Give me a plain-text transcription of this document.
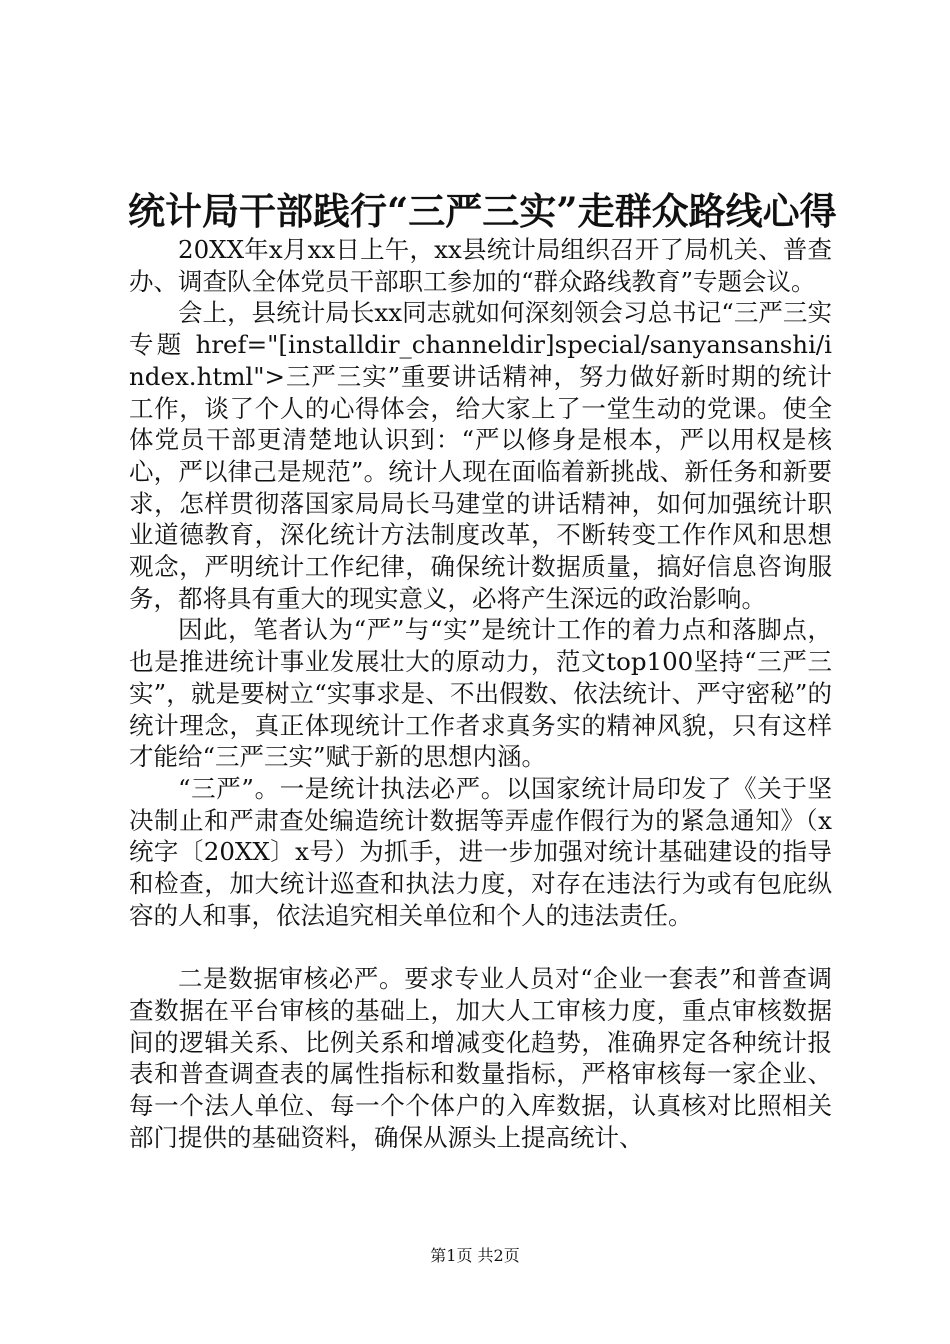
统计局干部践行“三严三实”走群众路线心得

20XX年x月xx日上午，xx县统计局组织召开了局机关、普查办、调查队全体党员干部职工参加的“群众路线教育”专题会议。

会上，县统计局长xx同志就如何深刻领会习总书记“三严三实专题 href="[installdir_channeldir]special/sanyansanshi/index.html">三严三实”重要讲话精神，努力做好新时期的统计工作，谈了个人的心得体会，给大家上了一堂生动的党课。使全体党员干部更清楚地认识到：“严以修身是根本，严以用权是核心，严以律己是规范”。统计人现在面临着新挑战、新任务和新要求，怎样贯彻落国家局局长马建堂的讲话精神，如何加强统计职业道德教育，深化统计方法制度改革，不断转变工作作风和思想观念，严明统计工作纪律，确保统计数据质量，搞好信息咨询服务，都将具有重大的现实意义，必将产生深远的政治影响。

因此，笔者认为“严”与“实”是统计工作的着力点和落脚点，也是推进统计事业发展壮大的原动力，范文top100坚持“三严三实”，就是要树立“实事求是、不出假数、依法统计、严守密秘”的统计理念，真正体现统计工作者求真务实的精神风貌，只有这样才能给“三严三实”赋于新的思想内涵。

“三严”。一是统计执法必严。以国家统计局印发了《关于坚决制止和严肃查处编造统计数据等弄虚作假行为的紧急通知》（x统字〔20XX〕x号）为抓手，进一步加强对统计基础建设的指导和检查，加大统计巡查和执法力度，对存在违法行为或有包庇纵容的人和事，依法追究相关单位和个人的违法责任。

二是数据审核必严。要求专业人员对“企业一套表”和普查调查数据在平台审核的基础上，加大人工审核力度，重点审核数据间的逻辑关系、比例关系和增减变化趋势，准确界定各种统计报表和普查调查表的属性指标和数量指标，严格审核每一家企业、每一个法人单位、每一个个体户的入库数据，认真核对比照相关部门提供的基础资料，确保从源头上提高统计、

第1页 共2页
